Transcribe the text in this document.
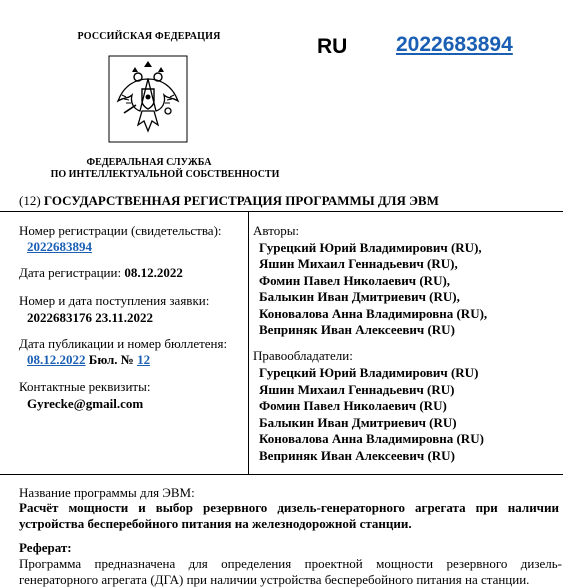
РОССИЙСКАЯ ФЕДЕРАЦИЯ
ФЕДЕРАЛЬНАЯ СЛУЖБА
ПО ИНТЕЛЛЕКТУАЛЬНОЙ СОБСТВЕННОСТИ
RU 2022683894
(12) ГОСУДАРСТВЕННАЯ РЕГИСТРАЦИЯ ПРОГРАММЫ ДЛЯ ЭВМ
Номер регистрации (свидетельства):
2022683894
Дата регистрации: 08.12.2022
Номер и дата поступления заявки:
2022683176 23.11.2022
Дата публикации и номер бюллетеня:
08.12.2022 Бюл. № 12
Контактные реквизиты:
Gyrecke@gmail.com
Авторы:
Гурецкий Юрий Владимирович (RU),
Яшин Михаил Геннадьевич (RU),
Фомин Павел Николаевич (RU),
Балыкин Иван Дмитриевич (RU),
Коновалова Анна Владимировна (RU),
Веприняк Иван Алексеевич (RU)
Правообладатели:
Гурецкий Юрий Владимирович (RU)
Яшин Михаил Геннадьевич (RU)
Фомин Павел Николаевич (RU)
Балыкин Иван Дмитриевич (RU)
Коновалова Анна Владимировна (RU)
Веприняк Иван Алексеевич (RU)
Название программы для ЭВМ:
Расчёт мощности и выбор резервного дизель-генераторного агрегата при наличии устройства бесперебойного питания на железнодорожной станции.
Реферат:
Программа предназначена для определения проектной мощности резервного дизель-генераторного агрегата (ДГА) при наличии устройства бесперебойного питания на станции.
